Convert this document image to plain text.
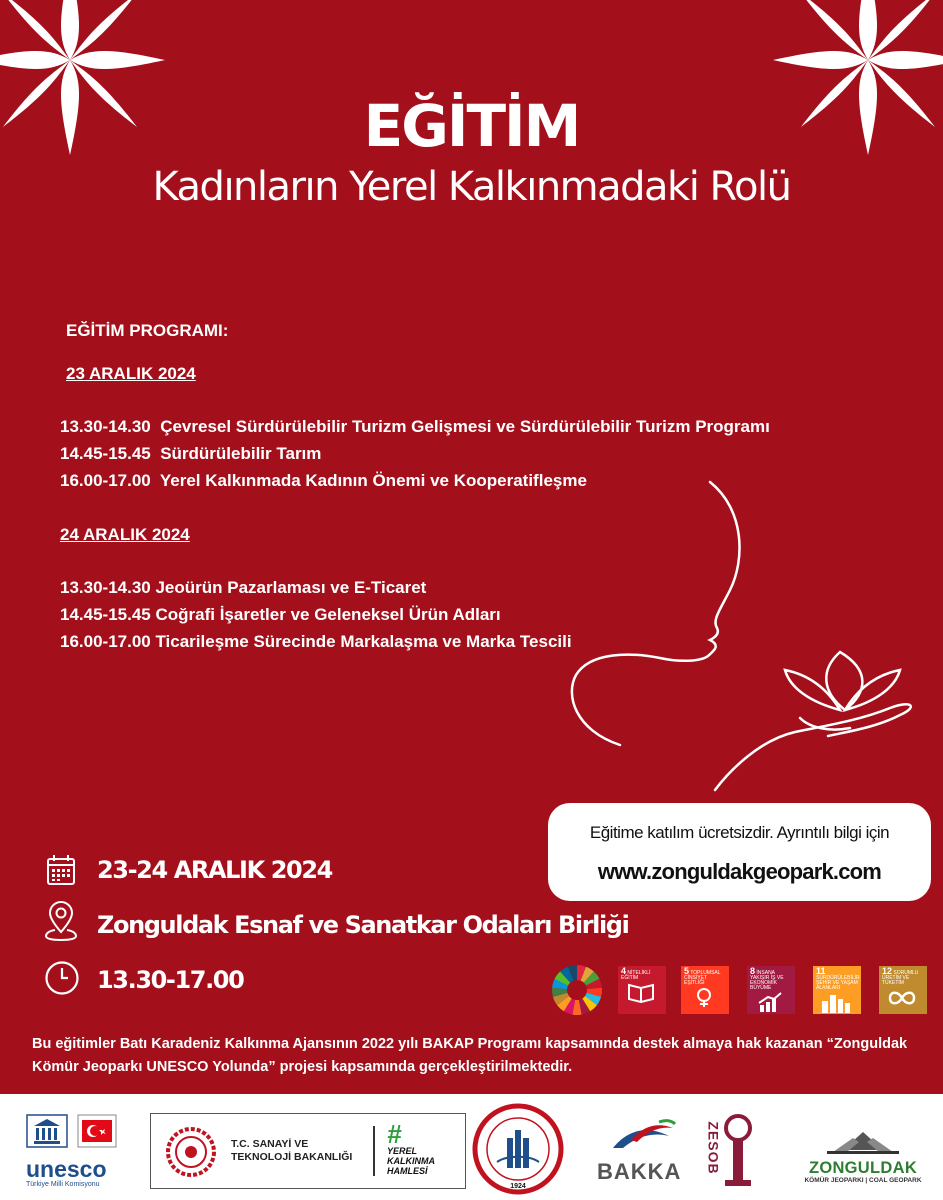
EĞİTİM
Kadınların Yerel Kalkınmadaki Rolü
EĞİTİM PROGRAMI:
23 ARALIK 2024
13.30-14.30  Çevresel Sürdürülebilir Turizm Gelişmesi ve Sürdürülebilir Turizm Programı
14.45-15.45  Sürdürülebilir Tarım
16.00-17.00  Yerel Kalkınmada Kadının Önemi ve Kooperatifleşme
24 ARALIK 2024
13.30-14.30 Jeoürün Pazarlaması ve E-Ticaret
14.45-15.45 Coğrafi İşaretler ve Geleneksel Ürün Adları
16.00-17.00 Ticarileşme Sürecinde Markalaşma ve Marka Tescili
Eğitime katılım ücretsizdir. Ayrıntılı bilgi için
www.zonguldakgeopark.com
23-24 ARALIK 2024
Zonguldak Esnaf ve Sanatkar Odaları Birliği
13.30-17.00	4 NİTELİKLİ EĞİTİM
5 TOPLUMSAL CİNSİYET EŞİTLİĞİ
8 İNSANA YAKIŞIR İŞ VE EKONOMİK BÜYÜME
11 SÜRDÜRÜLEBİLİR ŞEHİR VE YAŞAM ALANLARI
12 SORUMLU ÜRETİM VE TÜKETİM
Bu eğitimler Batı Karadeniz Kalkınma Ajansının 2022 yılı BAKAP Programı kapsamında destek almaya hak kazanan “Zonguldak Kömür Jeoparkı UNESCO Yolunda” projesi kapsamında gerçekleştirilmektedir.
unesco
Türkiye Milli Komisyonu
T.C. SANAYİ VE
TEKNOLOJİ BAKANLIĞI
#
YEREL
KALKINMA
HAMLESİ
1924
BAKKA	ZESOB	ZONGULDAK
KÖMÜR JEOPARKI | COAL GEOPARK
